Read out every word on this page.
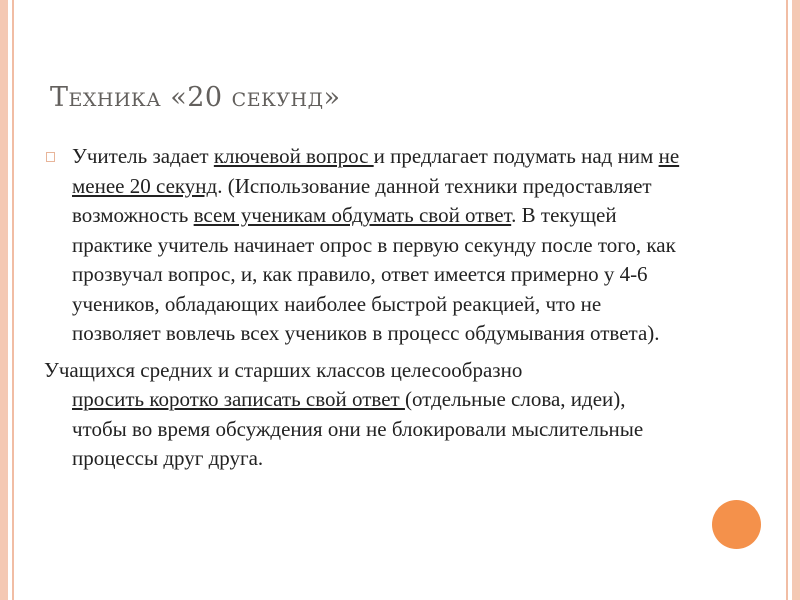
Техника «20 секунд»

Учитель задает ключевой вопрос и предлагает подумать над ним не менее 20 секунд. (Использование данной техники предоставляет возможность всем ученикам обдумать свой ответ. В текущей практике учитель начинает опрос в первую секунду после того, как прозвучал вопрос, и, как правило, ответ имеется примерно у 4-6 учеников, обладающих наиболее быстрой реакцией, что не позволяет вовлечь всех учеников в процесс обдумывания ответа).

Учащихся средних и старших классов целесообразно
просить коротко записать свой ответ (отдельные слова, идеи), чтобы во время обсуждения они не блокировали мыслительные процессы друг друга.
